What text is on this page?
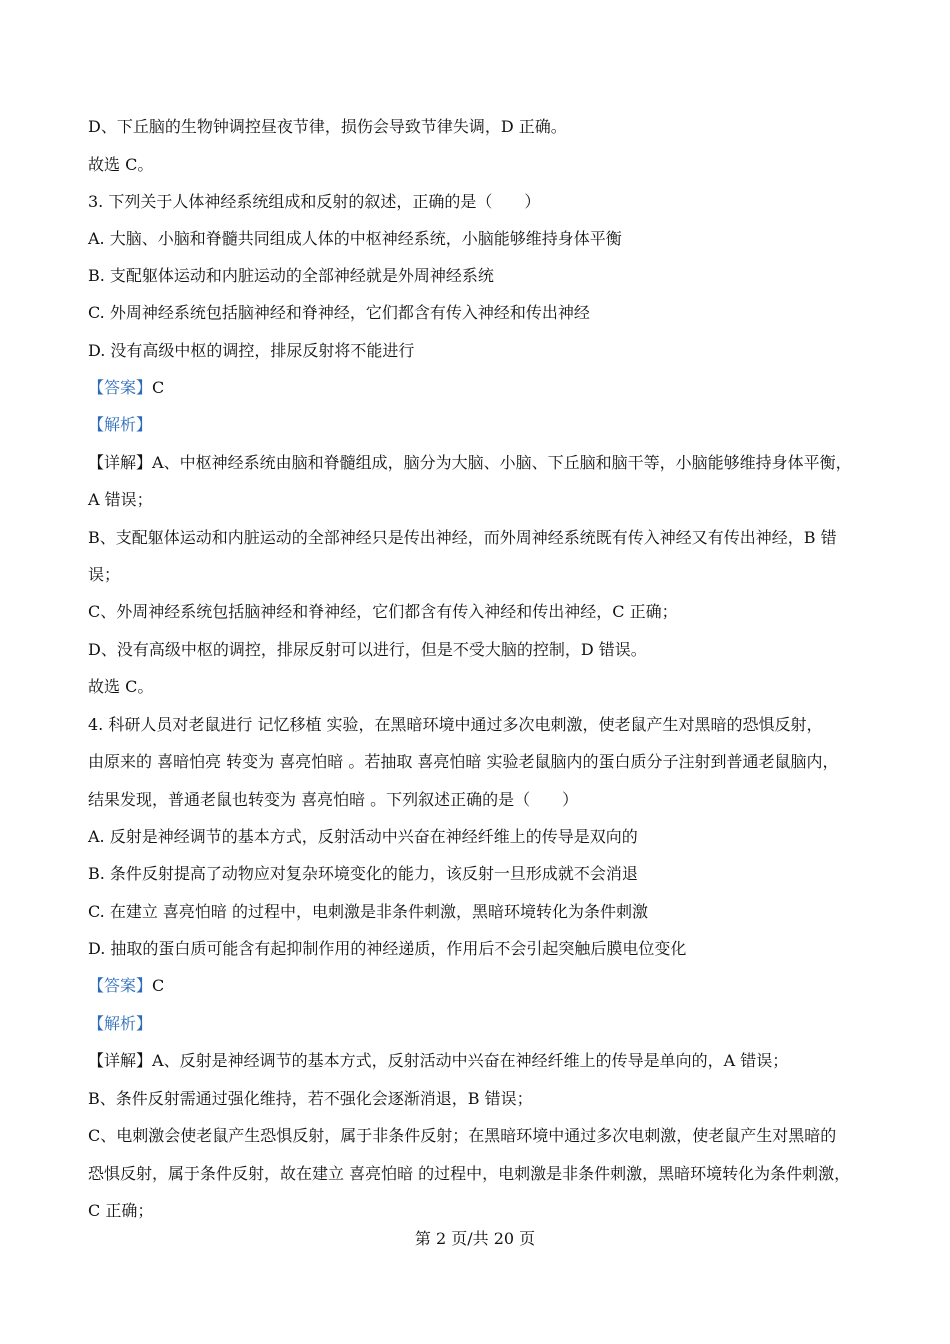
D、下丘脑的生物钟调控昼夜节律，损伤会导致节律失调，D 正确。
故选 C。
3. 下列关于人体神经系统组成和反射的叙述，正确的是（　　）
A. 大脑、小脑和脊髓共同组成人体的中枢神经系统，小脑能够维持身体平衡
B. 支配躯体运动和内脏运动的全部神经就是外周神经系统
C. 外周神经系统包括脑神经和脊神经，它们都含有传入神经和传出神经
D. 没有高级中枢的调控，排尿反射将不能进行
【答案】C
【解析】
【详解】A、中枢神经系统由脑和脊髓组成，脑分为大脑、小脑、下丘脑和脑干等，小脑能够维持身体平衡，
A 错误；
B、支配躯体运动和内脏运动的全部神经只是传出神经，而外周神经系统既有传入神经又有传出神经，B 错
误；
C、外周神经系统包括脑神经和脊神经，它们都含有传入神经和传出神经，C 正确；
D、没有高级中枢的调控，排尿反射可以进行，但是不受大脑的控制，D 错误。
故选 C。
4. 科研人员对老鼠进行 记忆移植 实验，在黑暗环境中通过多次电刺激，使老鼠产生对黑暗的恐惧反射，
由原来的 喜暗怕亮 转变为 喜亮怕暗 。若抽取 喜亮怕暗 实验老鼠脑内的蛋白质分子注射到普通老鼠脑内，
结果发现，普通老鼠也转变为 喜亮怕暗 。下列叙述正确的是（　　）
A. 反射是神经调节的基本方式，反射活动中兴奋在神经纤维上的传导是双向的
B. 条件反射提高了动物应对复杂环境变化的能力，该反射一旦形成就不会消退
C. 在建立 喜亮怕暗 的过程中，电刺激是非条件刺激，黑暗环境转化为条件刺激
D. 抽取的蛋白质可能含有起抑制作用的神经递质，作用后不会引起突触后膜电位变化
【答案】C
【解析】
【详解】A、反射是神经调节的基本方式，反射活动中兴奋在神经纤维上的传导是单向的，A 错误；
B、条件反射需通过强化维持，若不强化会逐渐消退，B 错误；
C、电刺激会使老鼠产生恐惧反射，属于非条件反射；在黑暗环境中通过多次电刺激，使老鼠产生对黑暗的
恐惧反射，属于条件反射，故在建立 喜亮怕暗 的过程中，电刺激是非条件刺激，黑暗环境转化为条件刺激，
C 正确；
第 2 页/共 20 页
